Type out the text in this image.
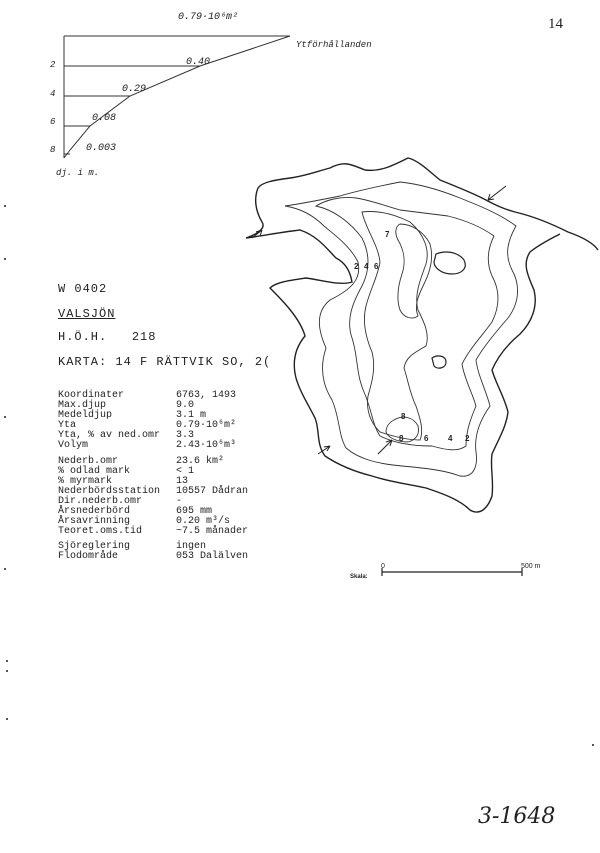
14
0.79·10⁶m²
Ytförhållanden
2
4
6
8
0.40
0.29
0.08
0.003
dj. i m.
W 0402
VALSJÖN
H.Ö.H. 218
KARTA: 14 F RÄTTVIK SO, 2(
Koordinater	6763, 1493
Max.djup	9.0
Medeldjup	3.1 m
Yta	0.79·10⁶m²
Yta, % av ned.omr	3.3
Volym	2.43·10⁶m³
Nederb.omr	23.6 km²
% odlad mark	< 1
% myrmark	13
Nederbördsstation	10557 Dådran
Dir.nederb.omr	-
Årsnederbörd	695 mm
Årsavrinning	0.20 m³/s
Teoret.oms.tid	~7.5 månader
Sjöreglering	ingen
Flodområde	053 Dalälven
2 4 6
7
8
8	6 4 2
Skala:
0	500 m
3-1648
